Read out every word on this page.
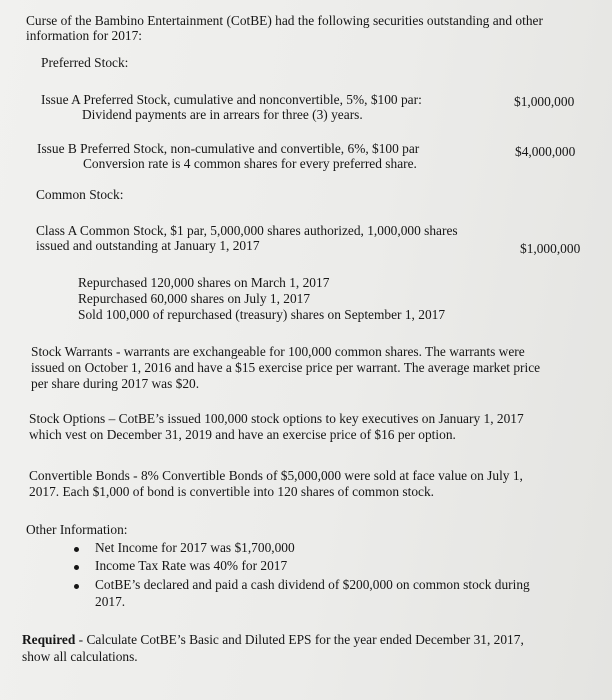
Curse of the Bambino Entertainment (CotBE) had the following securities outstanding and other
information for 2017:
Preferred Stock:
Issue A Preferred Stock, cumulative and nonconvertible, 5%, $100 par:	$1,000,000
Dividend payments are in arrears for three (3) years.
Issue B Preferred Stock, non-cumulative and convertible, 6%, $100 par	$4,000,000
Conversion rate is 4 common shares for every preferred share.
Common Stock:
Class A Common Stock, $1 par, 5,000,000 shares authorized, 1,000,000 shares
issued and outstanding at January 1, 2017	$1,000,000
Repurchased 120,000 shares on March 1, 2017
Repurchased 60,000 shares on July 1, 2017
Sold 100,000 of repurchased (treasury) shares on September 1, 2017
Stock Warrants - warrants are exchangeable for 100,000 common shares. The warrants were
issued on October 1, 2016 and have a $15 exercise price per warrant. The average market price
per share during 2017 was $20.
Stock Options – CotBE’s issued 100,000 stock options to key executives on January 1, 2017
which vest on December 31, 2019 and have an exercise price of $16 per option.
Convertible Bonds - 8% Convertible Bonds of $5,000,000 were sold at face value on July 1,
2017. Each $1,000 of bond is convertible into 120 shares of common stock.
Other Information:
Net Income for 2017 was $1,700,000
Income Tax Rate was 40% for 2017
CotBE’s declared and paid a cash dividend of $200,000 on common stock during
2017.
Required - Calculate CotBE’s Basic and Diluted EPS for the year ended December 31, 2017,
show all calculations.
